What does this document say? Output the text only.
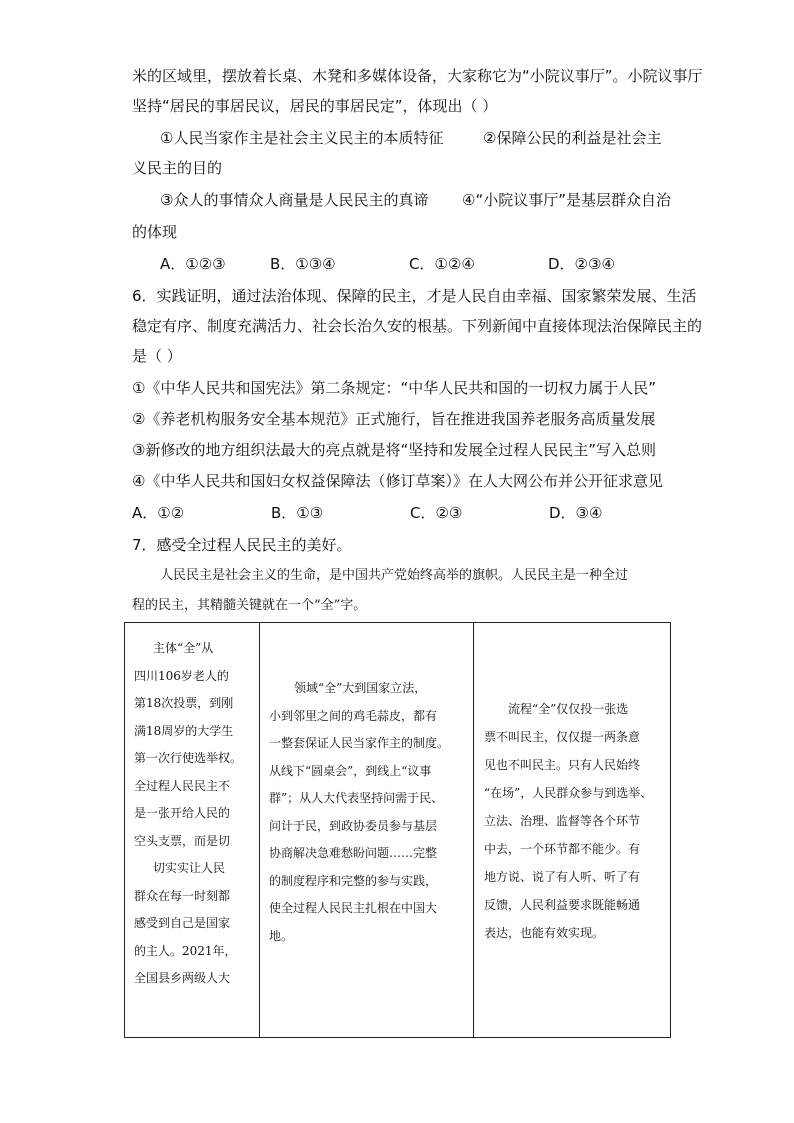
米的区域里，摆放着长桌、木凳和多媒体设备，大家称它为“小院议事厅”。小院议事厅
坚持“居民的事居民议，居民的事居民定”，体现出（ ）
①人民当家作主是社会主义民主的本质特征	②保障公民的利益是社会主
义民主的目的
③众人的事情众人商量是人民民主的真谛 ④“小院议事厅”是基层群众自治
的体现
A．①②③	B．①③④	C．①②④	D．②③④
6．实践证明，通过法治体现、保障的民主，才是人民自由幸福、国家繁荣发展、生活
稳定有序、制度充满活力、社会长治久安的根基。下列新闻中直接体现法治保障民主的
是（ ）
①《中华人民共和国宪法》第二条规定：“中华人民共和国的一切权力属于人民”
②《养老机构服务安全基本规范》正式施行，旨在推进我国养老服务高质量发展
③新修改的地方组织法最大的亮点就是将“坚持和发展全过程人民民主”写入总则
④《中华人民共和国妇女权益保障法（修订草案）》在人大网公布并公开征求意见
A．①②	B．①③	C．②③	D．③④
7．感受全过程人民民主的美好。
人民民主是社会主义的生命，是中国共产党始终高举的旗帜。人民民主是一种全过
程的民主，其精髓关键就在一个“全”字。
主体“全”从
四川106岁老人的
第18次投票，到刚
满18周岁的大学生
第一次行使选举权。
全过程人民民主不
是一张开给人民的
空头支票，而是切
切实实让人民
群众在每一时刻都
感受到自己是国家
的主人。2021年，
全国县乡两级人大

领域“全”大到国家立法，
小到邻里之间的鸡毛蒜皮，都有
一整套保证人民当家作主的制度。
从线下“圆桌会”，到线上“议事
群”；从人大代表坚持问需于民、
问计于民，到政协委员参与基层
协商解决急难愁盼问题……完整
的制度程序和完整的参与实践，
使全过程人民民主扎根在中国大
地。

流程“全”仅仅投一张选
票不叫民主，仅仅提一两条意
见也不叫民主。只有人民始终
“在场”，人民群众参与到选举、
立法、治理、监督等各个环节
中去，一个环节都不能少。有
地方说、说了有人听、听了有
反馈，人民利益要求既能畅通
表达，也能有效实现。
